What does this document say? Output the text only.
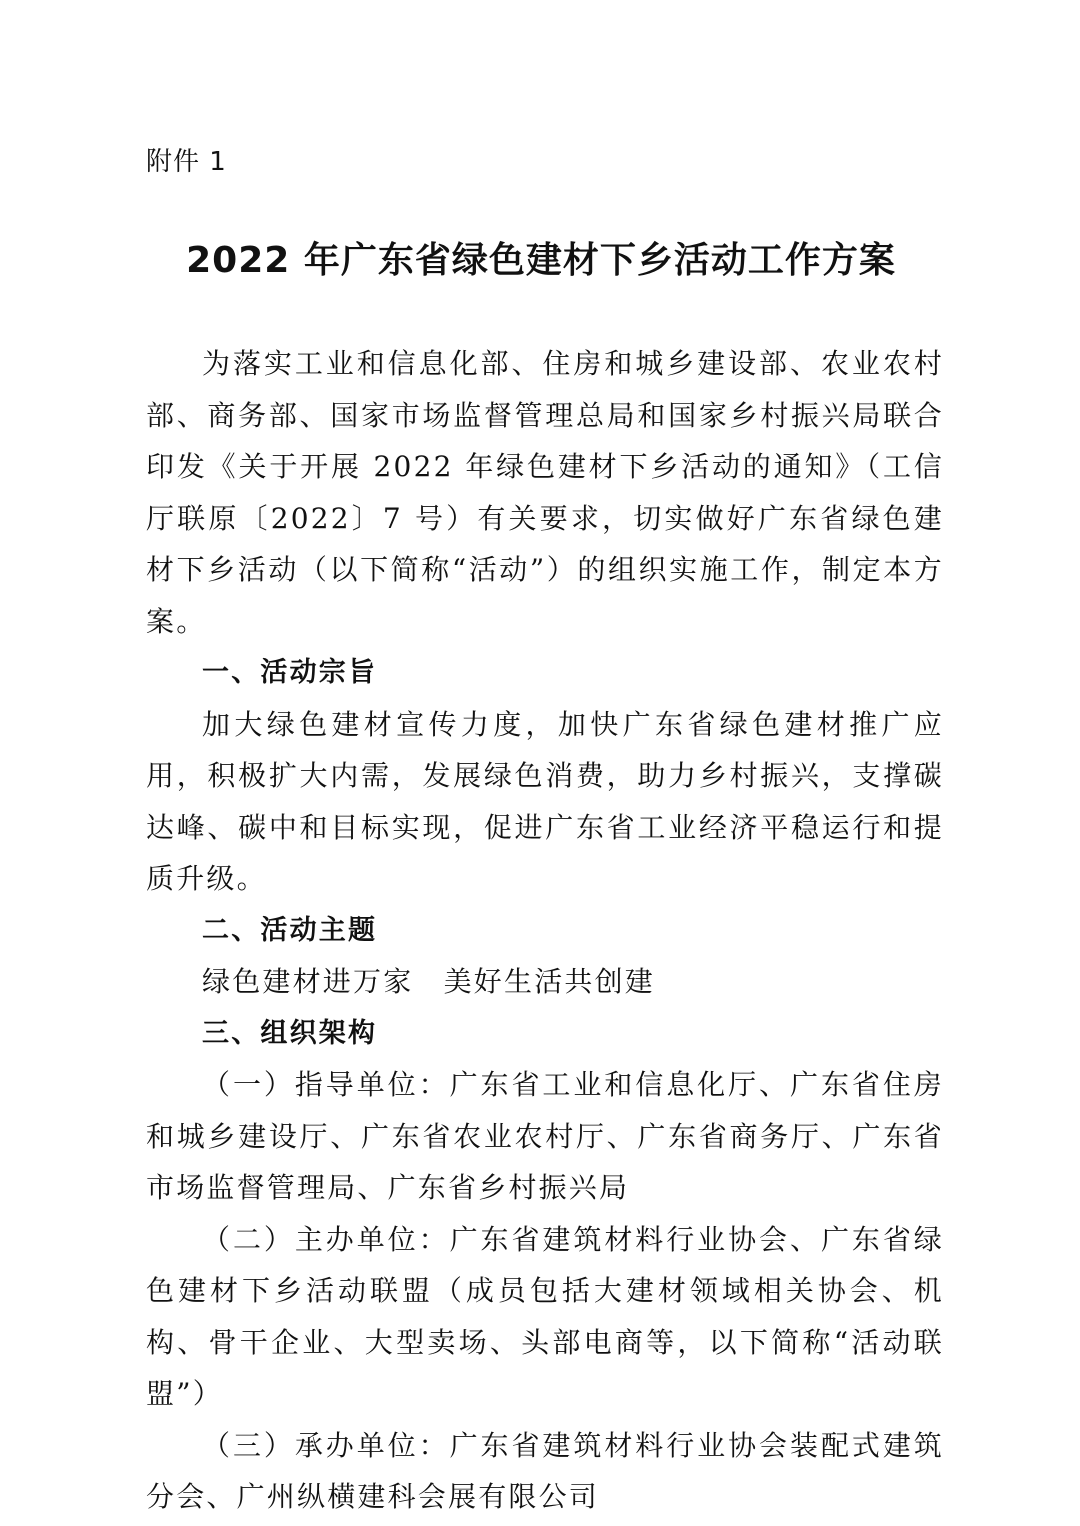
附件 1
2022 年广东省绿色建材下乡活动工作方案

为落实工业和信息化部、住房和城乡建设部、农业农村部、商务部、国家市场监督管理总局和国家乡村振兴局联合印发《关于开展 2022 年绿色建材下乡活动的通知》（工信厅联原〔2022〕7 号）有关要求，切实做好广东省绿色建材下乡活动（以下简称“活动”）的组织实施工作，制定本方案。

一、活动宗旨

加大绿色建材宣传力度，加快广东省绿色建材推广应用，积极扩大内需，发展绿色消费，助力乡村振兴，支撑碳达峰、碳中和目标实现，促进广东省工业经济平稳运行和提质升级。

二、活动主题

绿色建材进万家　美好生活共创建

三、组织架构

（一）指导单位：广东省工业和信息化厅、广东省住房和城乡建设厅、广东省农业农村厅、广东省商务厅、广东省市场监督管理局、广东省乡村振兴局

（二）主办单位：广东省建筑材料行业协会、广东省绿色建材下乡活动联盟（成员包括大建材领域相关协会、机构、骨干企业、大型卖场、头部电商等，以下简称“活动联盟”）

（三）承办单位：广东省建筑材料行业协会装配式建筑分会、广州纵横建科会展有限公司
